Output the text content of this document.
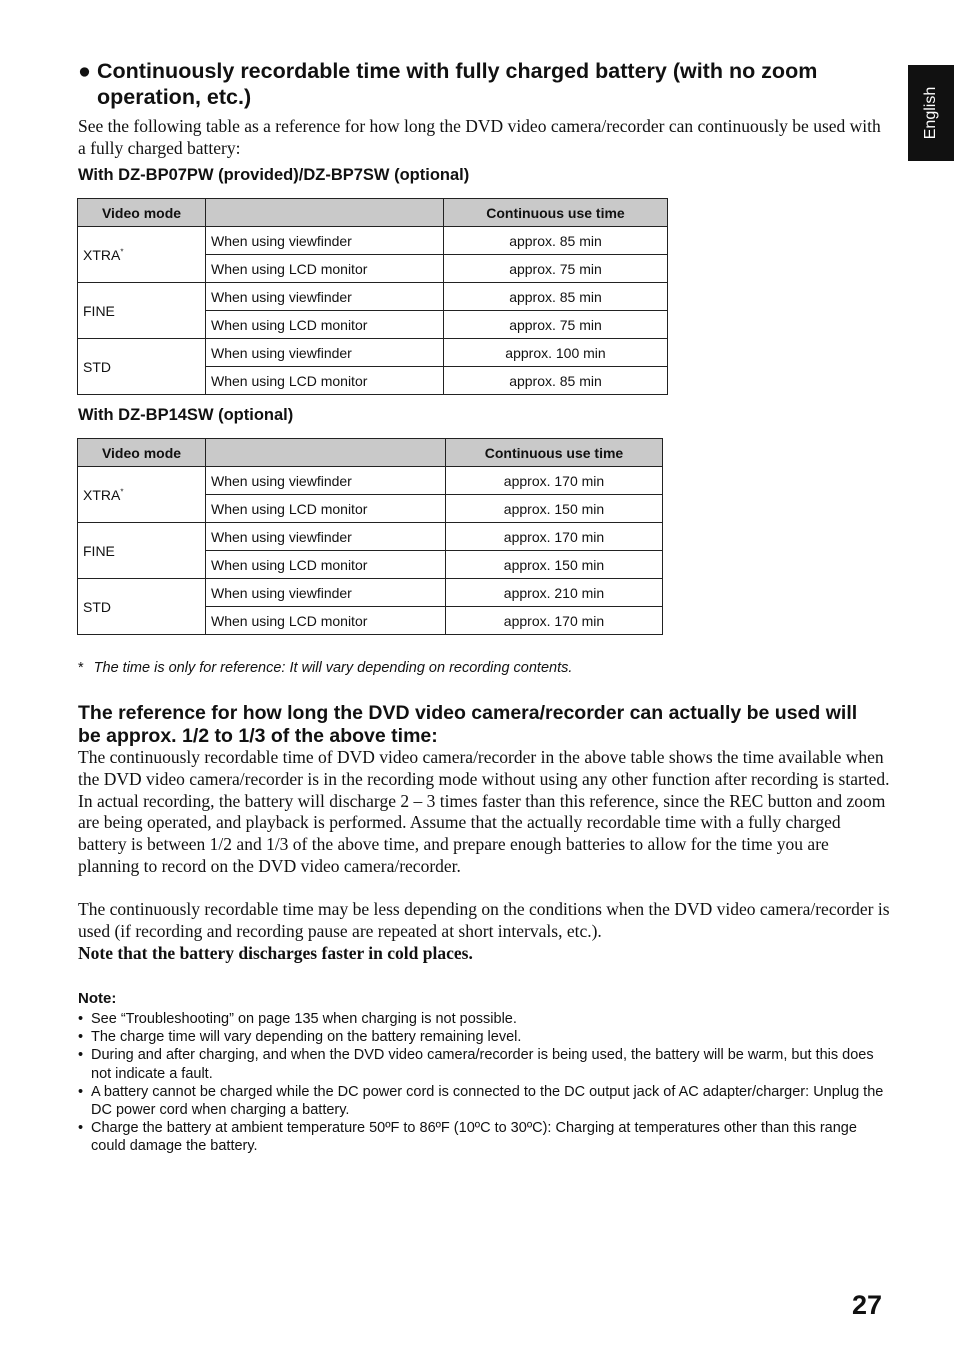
English
● Continuously recordable time with fully charged battery (with no zoom operation, etc.)

See the following table as a reference for how long the DVD video camera/recorder can continuously be used with a fully charged battery:

With DZ-BP07PW (provided)/DZ-BP7SW (optional)

Video mode		Continuous use time
XTRA*	When using viewfinder	approx. 85 min
	When using LCD monitor	approx. 75 min
FINE	When using viewfinder	approx. 85 min
	When using LCD monitor	approx. 75 min
STD	When using viewfinder	approx. 100 min
	When using LCD monitor	approx. 85 min

With DZ-BP14SW (optional)

Video mode		Continuous use time
XTRA*	When using viewfinder	approx. 170 min
	When using LCD monitor	approx. 150 min
FINE	When using viewfinder	approx. 170 min
	When using LCD monitor	approx. 150 min
STD	When using viewfinder	approx. 210 min
	When using LCD monitor	approx. 170 min

* The time is only for reference: It will vary depending on recording contents.

The reference for how long the DVD video camera/recorder can actually be used will be approx. 1/2 to 1/3 of the above time:

The continuously recordable time of DVD video camera/recorder in the above table shows the time available when the DVD video camera/recorder is in the recording mode without using any other function after recording is started. In actual recording, the battery will discharge 2 – 3 times faster than this reference, since the REC button and zoom are being operated, and playback is performed. Assume that the actually recordable time with a fully charged battery is between 1/2 and 1/3 of the above time, and prepare enough batteries to allow for the time you are planning to record on the DVD video camera/recorder.

The continuously recordable time may be less depending on the conditions when the DVD video camera/recorder is used (if recording and recording pause are repeated at short intervals, etc.).

Note that the battery discharges faster in cold places.

Note:

• See “Troubleshooting” on page 135 when charging is not possible.
• The charge time will vary depending on the battery remaining level.
• During and after charging, and when the DVD video camera/recorder is being used, the battery will be warm, but this does not indicate a fault.
• A battery cannot be charged while the DC power cord is connected to the DC output jack of AC adapter/charger: Unplug the DC power cord when charging a battery.
• Charge the battery at ambient temperature 50ºF to 86ºF (10ºC to 30ºC): Charging at temperatures other than this range could damage the battery.

27
